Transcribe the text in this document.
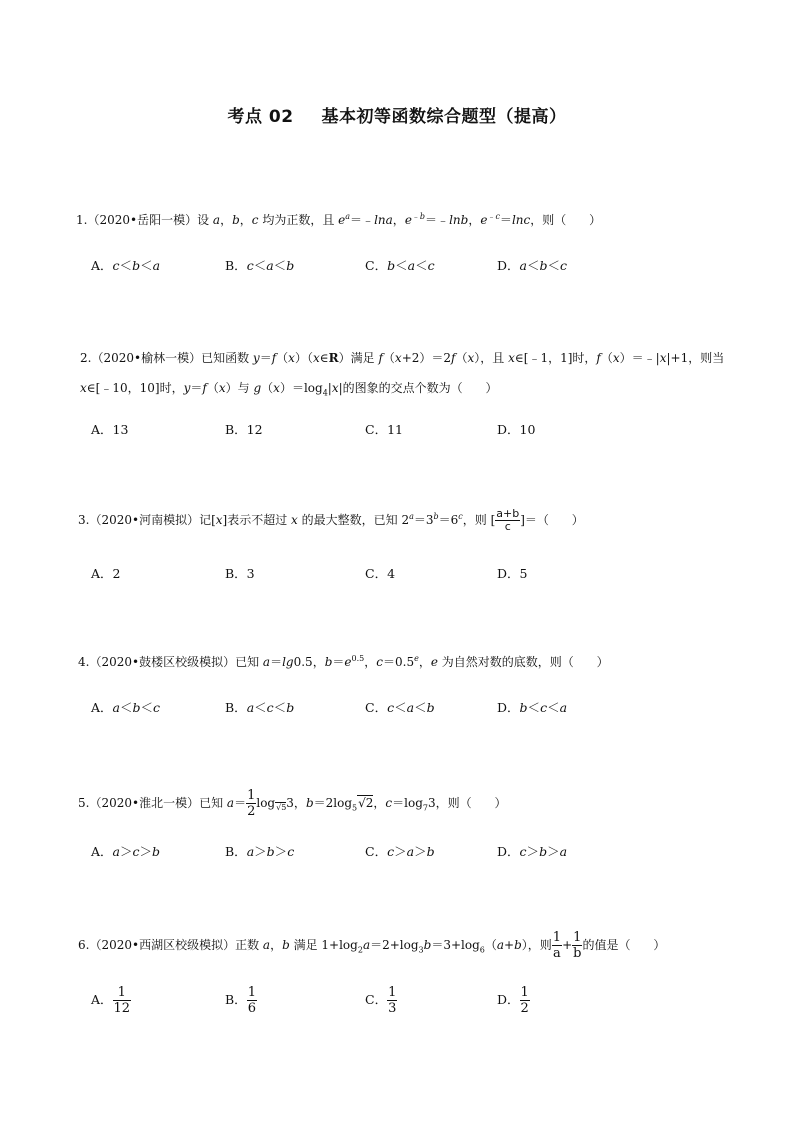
考点 02 基本初等函数综合题型（提高）
1.（2020•岳阳一模）设 a，b，c 均为正数，且 $e^a=﹣\ln a$，$e^{﹣b}=﹣\ln b$，$e^{﹣c}=\ln c$，则（      ）
A．c＜b＜a	B．c＜a＜b	C．b＜a＜c	D．a＜b＜c
2.（2020•榆林一模）已知函数 y＝f（x）（x∈R）满足 f（x+2）＝2f（x），且 x∈[﹣1，1]时，f（x）＝﹣|x|+1，则当 x∈[﹣10，10]时，y＝f（x）与 $g(x)=\log_4|x|$的图象的交点个数为（      ）
A．13	B．12	C．11	D．10
3.（2020•河南模拟）记[x]表示不超过 x 的最大整数，已知 $2^a=3^b=6^c$，则 [ $\frac{a+b}{c}$ ]＝（      ）
A．2	B．3	C．4	D．5
4.（2020•鼓楼区校级模拟）已知 a＝lg0.5，$b=e^{0.5}$，c＝0.5$^e$，e 为自然对数的底数，则（      ）
A．a＜b＜c	B．a＜c＜b	C．c＜a＜b	D．b＜c＜a
5.（2020•淮北一模）已知 $a= \frac{1}{2} \log_{√5}3$，$b=2\log_5√2$，$c=\log_73$，则（      ）
A．a＞c＞b	B．a＞b＞c	C．c＞a＞b	D．c＞b＞a
6.（2020•西湖区校级模拟）正数 a，b 满足 $1+\log_2a=2+\log_3b=3+\log_6(a+b)$，则 $\frac{1}{a} + \frac{1}{b}$ 的值是（      ）
A． $\frac{1}{12}$	B． $\frac{1}{6}$	C． $\frac{1}{3}$	D． $\frac{1}{2}$
